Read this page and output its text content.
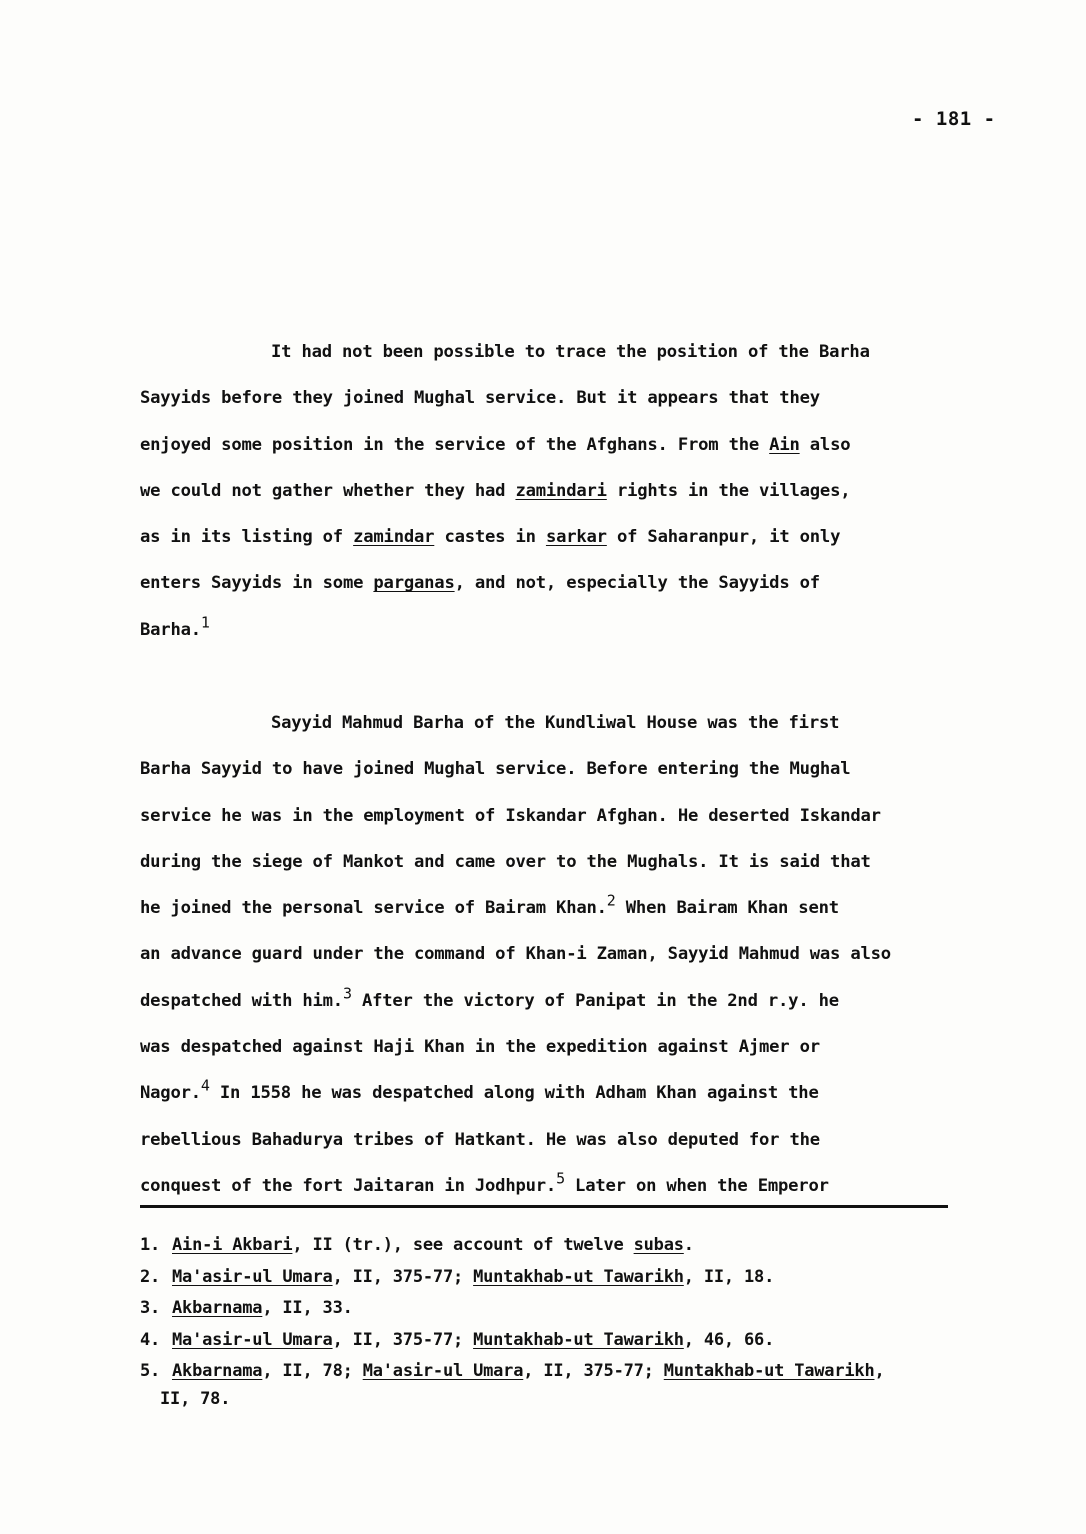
- 181 -
It had not been possible to trace the position of the Barha
Sayyids before they joined Mughal service. But it appears that they
enjoyed some position in the service of the Afghans. From the Ain also
we could not gather whether they had zamindari rights in the villages,
as in its listing of zamindar castes in sarkar of Saharanpur, it only
enters Sayyids in some parganas, and not, especially the Sayyids of
Barha.$^1$
Sayyid Mahmud Barha of the Kundliwal House was the first
Barha Sayyid to have joined Mughal service. Before entering the Mughal
service he was in the employment of Iskandar Afghan. He deserted Iskandar
during the siege of Mankot and came over to the Mughals. It is said that
he joined the personal service of Bairam Khan.$^2$ When Bairam Khan sent
an advance guard under the command of Khan-i Zaman, Sayyid Mahmud was also
despatched with him.$^3$ After the victory of Panipat in the 2nd r.y. he
was despatched against Haji Khan in the expedition against Ajmer or
Nagor.$^4$ In 1558 he was despatched along with Adham Khan against the
rebellious Bahadurya tribes of Hatkant. He was also deputed for the
conquest of the fort Jaitaran in Jodhpur.$^5$ Later on when the Emperor
1. Ain-i Akbari, II (tr.), see account of twelve subas.
2. Ma'asir-ul Umara, II, 375-77; Muntakhab-ut Tawarikh, II, 18.
3. Akbarnama, II, 33.
4. Ma'asir-ul Umara, II, 375-77; Muntakhab-ut Tawarikh, 46, 66.
5. Akbarnama, II, 78; Ma'asir-ul Umara, II, 375-77; Muntakhab-ut Tawarikh,
II, 78.
